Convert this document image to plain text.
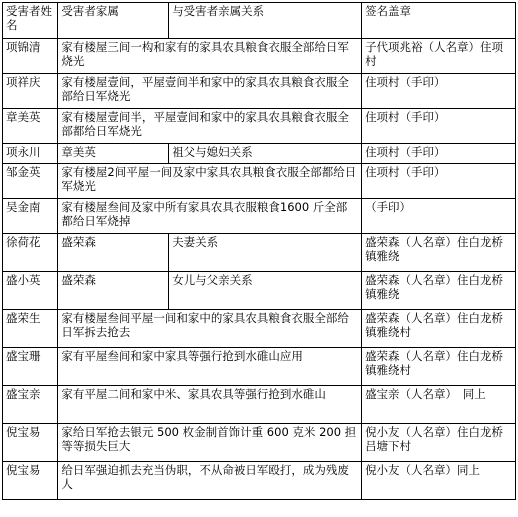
受害者姓名	受害者家属	与受害者亲属关系	签名盖章
项锦清	家有楼屋三间一构和家有的家具农具粮食衣服全部给日军烧光		子代项兆裕（人名章）住项村
项祥庆	家有楼屋壹间，平屋壹间半和家中的家具农具粮食衣服全部给日军烧光		住项村（手印）
章美英	家有楼屋壹间半，平屋壹间和家中的家具农具粮食衣服全部都给日军烧光		住项村（手印）
项永川	章美英	祖父与媳妇关系	住项村（手印）
邹金英	家有楼屋2间平屋一间及家中家具农具粮食衣服全部都给日军烧光		住项村（手印）
吴金南	家有楼屋叁间及家中所有家具农具衣服粮食1600 斤全部都给日军烧掉		（手印）
徐荷花	盛荣森	夫妻关系	盛荣森（人名章）住白龙桥镇雅绕
盛小英	盛荣森	女儿与父亲关系	盛荣森（人名章）住白龙桥镇雅绕
盛荣生	家有楼屋叁间平屋一间和家中的家具农具粮食衣服全部给日军拆去抢去		盛荣森（人名章）住白龙桥镇雅绕村
盛宝珊	家有平屋叁间和家中家具等强行抢到水碓山应用		盛荣森（人名章）住白龙桥镇雅绕村
盛宝亲	家有平屋二间和家中米、家具农具等强行抢到水碓山		盛宝亲（人名章）　同上
倪宝易	家给日军抢去银元 500 枚金制首饰计重 600 克米 200 担等等损失巨大		倪小友（人名章）住白龙桥吕塘下村
倪宝易	给日军强迫抓去充当伪职，不从命被日军殴打，成为残废人		倪小友（人名章）同上
